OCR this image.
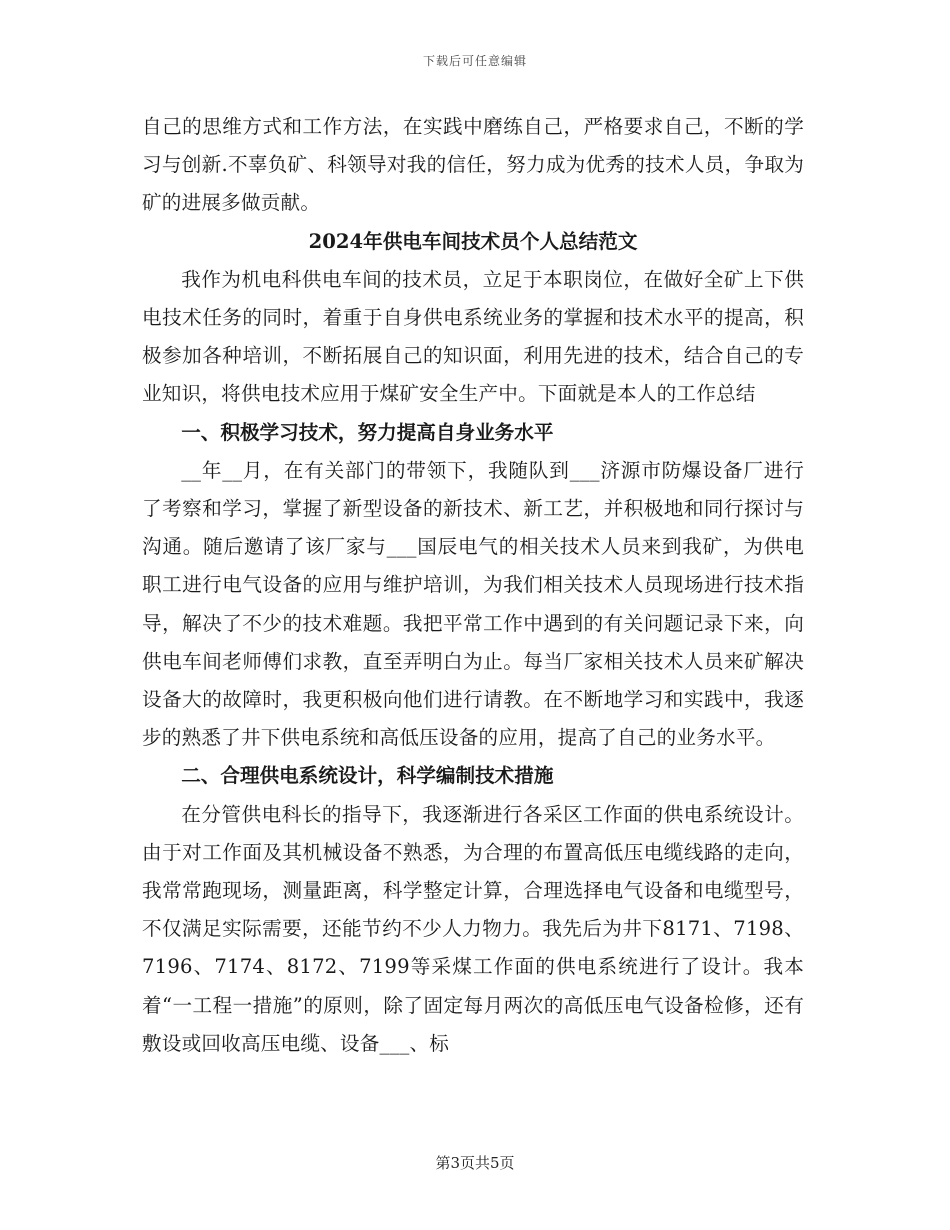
下载后可任意编辑

自己的思维方式和工作方法，在实践中磨练自己，严格要求自己，不断的学习与创新.不辜负矿、科领导对我的信任，努力成为优秀的技术人员，争取为矿的进展多做贡献。

2024年供电车间技术员个人总结范文

我作为机电科供电车间的技术员，立足于本职岗位，在做好全矿上下供电技术任务的同时，着重于自身供电系统业务的掌握和技术水平的提高，积极参加各种培训，不断拓展自己的知识面，利用先进的技术，结合自己的专业知识，将供电技术应用于煤矿安全生产中。下面就是本人的工作总结

一、积极学习技术，努力提高自身业务水平

__年__月，在有关部门的带领下，我随队到___济源市防爆设备厂进行了考察和学习，掌握了新型设备的新技术、新工艺，并积极地和同行探讨与沟通。随后邀请了该厂家与___国辰电气的相关技术人员来到我矿，为供电职工进行电气设备的应用与维护培训，为我们相关技术人员现场进行技术指导，解决了不少的技术难题。我把平常工作中遇到的有关问题记录下来，向供电车间老师傅们求教，直至弄明白为止。每当厂家相关技术人员来矿解决设备大的故障时，我更积极向他们进行请教。在不断地学习和实践中，我逐步的熟悉了井下供电系统和高低压设备的应用，提高了自己的业务水平。

二、合理供电系统设计，科学编制技术措施

在分管供电科长的指导下，我逐渐进行各采区工作面的供电系统设计。由于对工作面及其机械设备不熟悉，为合理的布置高低压电缆线路的走向，我常常跑现场，测量距离，科学整定计算，合理选择电气设备和电缆型号，不仅满足实际需要，还能节约不少人力物力。我先后为井下8171、7198、7196、7174、8172、7199等采煤工作面的供电系统进行了设计。我本着“一工程一措施”的原则，除了固定每月两次的高低压电气设备检修，还有敷设或回收高压电缆、设备___、标

第3页共5页
